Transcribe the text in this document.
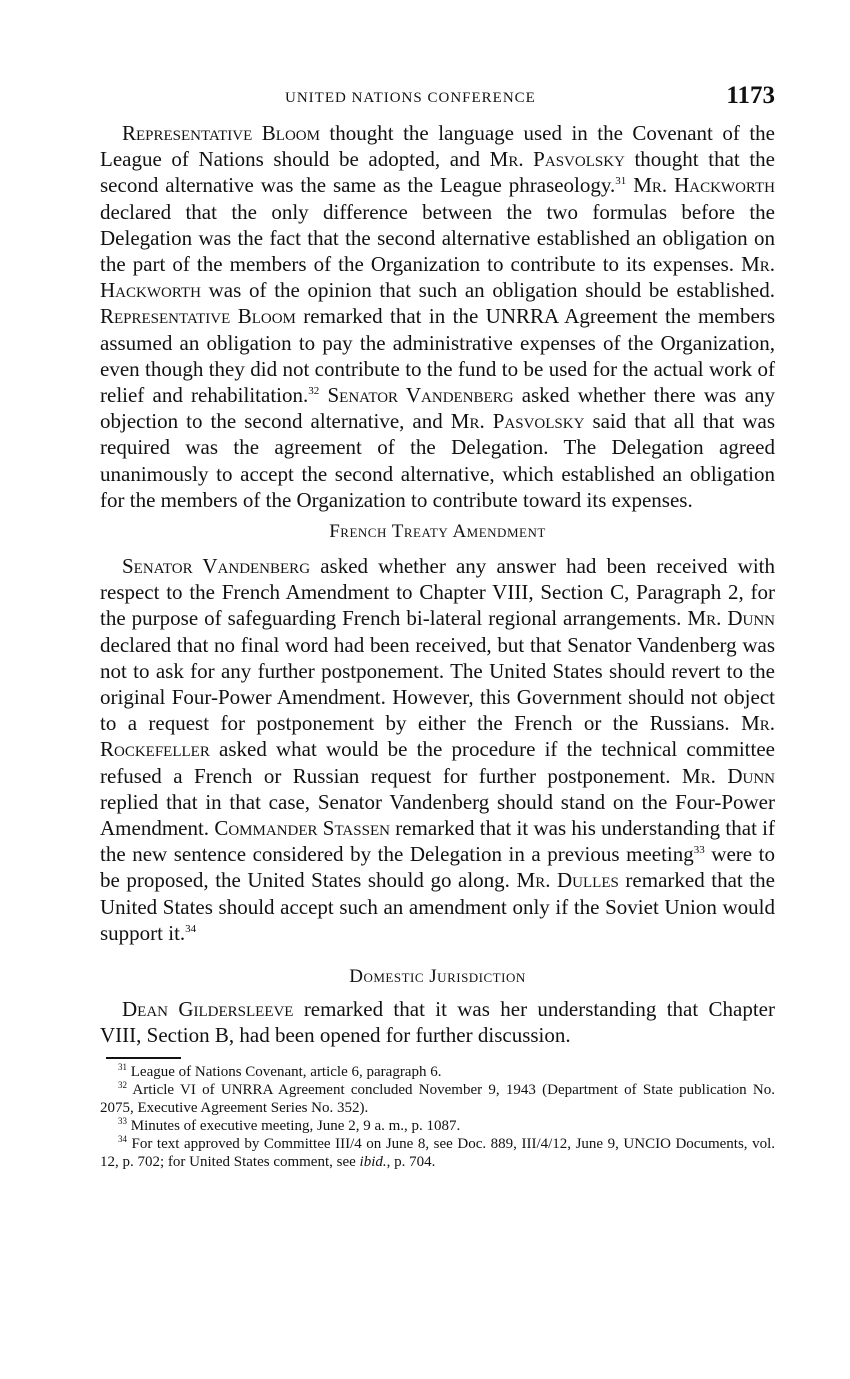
UNITED NATIONS CONFERENCE	1173

Representative Bloom thought the language used in the Covenant of the League of Nations should be adopted, and Mr. Pasvolsky thought that the second alternative was the same as the League phraseology.$^{31}$ Mr. Hackworth declared that the only difference between the two formulas before the Delegation was the fact that the second alternative established an obligation on the part of the members of the Organization to contribute to its expenses. Mr. Hackworth was of the opinion that such an obligation should be established. Representative Bloom remarked that in the UNRRA Agreement the members assumed an obligation to pay the administrative expenses of the Organization, even though they did not contribute to the fund to be used for the actual work of relief and rehabilitation.$^{32}$ Senator Vandenberg asked whether there was any objection to the second alternative, and Mr. Pasvolsky said that all that was required was the agreement of the Delegation. The Delegation agreed unanimously to accept the second alternative, which established an obligation for the members of the Organization to contribute toward its expenses.

French Treaty Amendment

Senator Vandenberg asked whether any answer had been received with respect to the French Amendment to Chapter VIII, Section C, Paragraph 2, for the purpose of safeguarding French bi-lateral regional arrangements. Mr. Dunn declared that no final word had been received, but that Senator Vandenberg was not to ask for any further postponement. The United States should revert to the original Four-Power Amendment. However, this Government should not object to a request for postponement by either the French or the Russians. Mr. Rockefeller asked what would be the procedure if the technical committee refused a French or Russian request for further postponement. Mr. Dunn replied that in that case, Senator Vandenberg should stand on the Four-Power Amendment. Commander Stassen remarked that it was his understanding that if the new sentence considered by the Delegation in a previous meeting$^{33}$ were to be proposed, the United States should go along. Mr. Dulles remarked that the United States should accept such an amendment only if the Soviet Union would support it.$^{34}$

Domestic Jurisdiction

Dean Gildersleeve remarked that it was her understanding that Chapter VIII, Section B, had been opened for further discussion.

$^{31}$ League of Nations Covenant, article 6, paragraph 6.

$^{32}$ Article VI of UNRRA Agreement concluded November 9, 1943 (Department of State publication No. 2075, Executive Agreement Series No. 352).

$^{33}$ Minutes of executive meeting, June 2, 9 a. m., p. 1087.

$^{34}$ For text approved by Committee III/4 on June 8, see Doc. 889, III/4/12, June 9, UNCIO Documents, vol. 12, p. 702; for United States comment, see ibid., p. 704.
